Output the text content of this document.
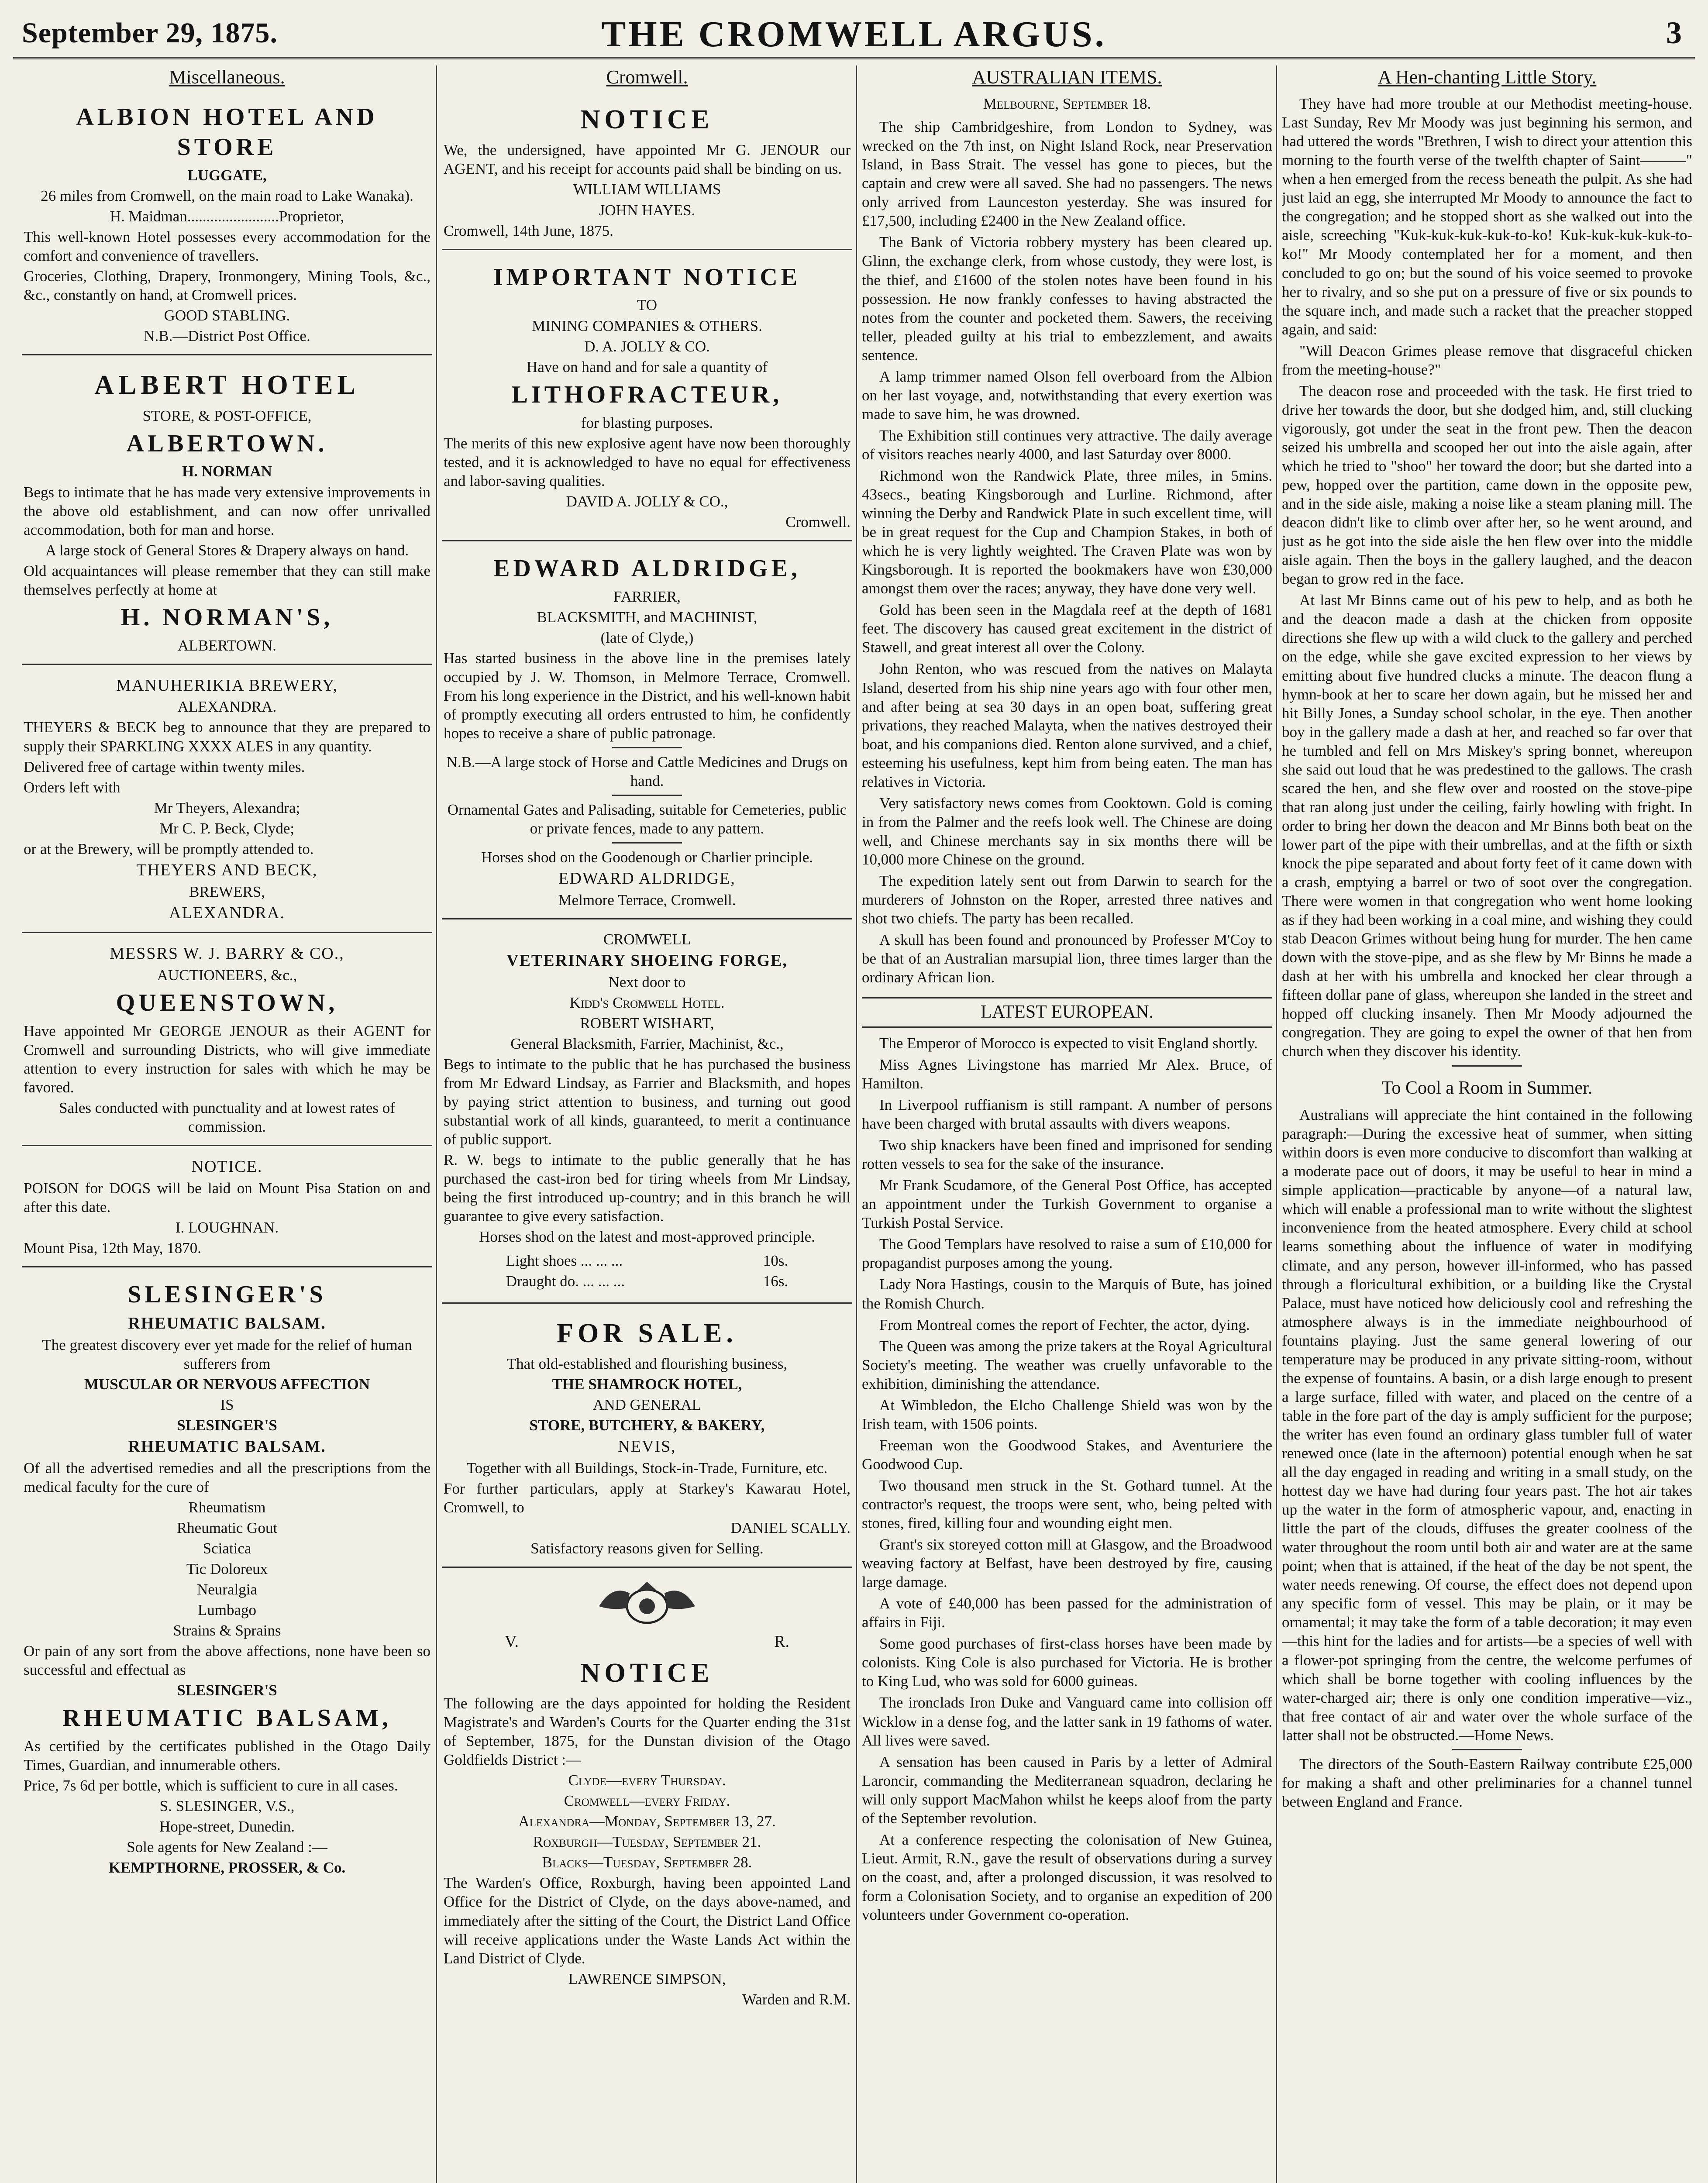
September 29, 1875.	THE CROMWELL ARGUS.	3
Miscellaneous.
ALBION HOTEL AND STORE

LUGGATE,

26 miles from Cromwell, on the main road to Lake Wanaka).

H. Maidman........................Proprietor,

This well-known Hotel possesses every accommodation for the comfort and convenience of travellers.

Groceries, Clothing, Drapery, Ironmongery, Mining Tools, &c., &c., constantly on hand, at Cromwell prices.

GOOD STABLING.

N.B.—District Post Office.

ALBERT HOTEL

STORE, & POST-OFFICE,

ALBERTOWN.

H. NORMAN

Begs to intimate that he has made very extensive improvements in the above old establishment, and can now offer unrivalled accommodation, both for man and horse.

A large stock of General Stores & Drapery always on hand.

Old acquaintances will please remember that they can still make themselves perfectly at home at

H. NORMAN'S,

ALBERTOWN.

MANUHERIKIA BREWERY,

ALEXANDRA.

THEYERS & BECK beg to announce that they are prepared to supply their SPARKLING XXXX ALES in any quantity.

Delivered free of cartage within twenty miles.

Orders left with

Mr Theyers, Alexandra;

Mr C. P. Beck, Clyde;

or at the Brewery, will be promptly attended to.

THEYERS AND BECK,

BREWERS,

ALEXANDRA.

MESSRS W. J. BARRY & CO.,

AUCTIONEERS, &c.,

QUEENSTOWN,

Have appointed Mr GEORGE JENOUR as their AGENT for Cromwell and surrounding Districts, who will give immediate attention to every instruction for sales with which he may be favored.

Sales conducted with punctuality and at lowest rates of commission.

NOTICE.

POISON for DOGS will be laid on Mount Pisa Station on and after this date.

I. LOUGHNAN.

Mount Pisa, 12th May, 1870.

SLESINGER'S

RHEUMATIC BALSAM.

The greatest discovery ever yet made for the relief of human sufferers from

MUSCULAR OR NERVOUS AFFECTION

IS

SLESINGER'S

RHEUMATIC BALSAM.

Of all the advertised remedies and all the prescriptions from the medical faculty for the cure of

Rheumatism

Rheumatic Gout

Sciatica

Tic Doloreux

Neuralgia

Lumbago

Strains & Sprains

Or pain of any sort from the above affections, none have been so successful and effectual as

SLESINGER'S

RHEUMATIC BALSAM,

As certified by the certificates published in the Otago Daily Times, Guardian, and innumerable others.

Price, 7s 6d per bottle, which is sufficient to cure in all cases.

S. SLESINGER, V.S.,

Hope-street, Dunedin.

Sole agents for New Zealand :—

KEMPTHORNE, PROSSER, & Co.

Cromwell.
NOTICE

We, the undersigned, have appointed Mr G. JENOUR our AGENT, and his receipt for accounts paid shall be binding on us.

WILLIAM WILLIAMS

JOHN HAYES.

Cromwell, 14th June, 1875.

IMPORTANT NOTICE

TO

MINING COMPANIES & OTHERS.

D. A. JOLLY & CO.

Have on hand and for sale a quantity of

LITHOFRACTEUR,

for blasting purposes.

The merits of this new explosive agent have now been thoroughly tested, and it is acknowledged to have no equal for effectiveness and labor-saving qualities.

DAVID A. JOLLY & CO.,

Cromwell.

EDWARD ALDRIDGE,

FARRIER,

BLACKSMITH, and MACHINIST,

(late of Clyde,)

Has started business in the above line in the premises lately occupied by J. W. Thomson, in Melmore Terrace, Cromwell. From his long experience in the District, and his well-known habit of promptly executing all orders entrusted to him, he confidently hopes to receive a share of public patronage.

N.B.—A large stock of Horse and Cattle Medicines and Drugs on hand.

Ornamental Gates and Palisading, suitable for Cemeteries, public or private fences, made to any pattern.

Horses shod on the Goodenough or Charlier principle.

EDWARD ALDRIDGE,

Melmore Terrace, Cromwell.

CROMWELL

VETERINARY SHOEING FORGE,

Next door to

Kidd's Cromwell Hotel.

ROBERT WISHART,

General Blacksmith, Farrier, Machinist, &c.,

Begs to intimate to the public that he has purchased the business from Mr Edward Lindsay, as Farrier and Blacksmith, and hopes by paying strict attention to business, and turning out good substantial work of all kinds, guaranteed, to merit a continuance of public support.

R. W. begs to intimate to the public generally that he has purchased the cast-iron bed for tiring wheels from Mr Lindsay, being the first introduced up-country; and in this branch he will guarantee to give every satisfaction.

Horses shod on the latest and most-approved principle.

Light shoes ... ... ...	10s.
Draught do. ... ... ...	16s.
FOR SALE.

That old-established and flourishing business,

THE SHAMROCK HOTEL,

AND GENERAL

STORE, BUTCHERY, & BAKERY,

NEVIS,

Together with all Buildings, Stock-in-Trade, Furniture, etc.

For further particulars, apply at Starkey's Kawarau Hotel, Cromwell, to

DANIEL SCALLY.

Satisfactory reasons given for Selling.

V.	R.
NOTICE

The following are the days appointed for holding the Resident Magistrate's and Warden's Courts for the Quarter ending the 31st of September, 1875, for the Dunstan division of the Otago Goldfields District :—

Clyde—every Thursday.

Cromwell—every Friday.

Alexandra—Monday, September 13, 27.

Roxburgh—Tuesday, September 21.

Blacks—Tuesday, September 28.

The Warden's Office, Roxburgh, having been appointed Land Office for the District of Clyde, on the days above-named, and immediately after the sitting of the Court, the District Land Office will receive applications under the Waste Lands Act within the Land District of Clyde.

LAWRENCE SIMPSON,

Warden and R.M.

AUSTRALIAN ITEMS.
Melbourne, September 18.

The ship Cambridgeshire, from London to Sydney, was wrecked on the 7th inst, on Night Island Rock, near Preservation Island, in Bass Strait. The vessel has gone to pieces, but the captain and crew were all saved. She had no passengers. The news only arrived from Launceston yesterday. She was insured for £17,500, including £2400 in the New Zealand office.

The Bank of Victoria robbery mystery has been cleared up. Glinn, the exchange clerk, from whose custody, they were lost, is the thief, and £1600 of the stolen notes have been found in his possession. He now frankly confesses to having abstracted the notes from the counter and pocketed them. Sawers, the receiving teller, pleaded guilty at his trial to embezzlement, and awaits sentence.

A lamp trimmer named Olson fell overboard from the Albion on her last voyage, and, notwithstanding that every exertion was made to save him, he was drowned.

The Exhibition still continues very attractive. The daily average of visitors reaches nearly 4000, and last Saturday over 8000.

Richmond won the Randwick Plate, three miles, in 5mins. 43secs., beating Kingsborough and Lurline. Richmond, after winning the Derby and Randwick Plate in such excellent time, will be in great request for the Cup and Champion Stakes, in both of which he is very lightly weighted. The Craven Plate was won by Kingsborough. It is reported the bookmakers have won £30,000 amongst them over the races; anyway, they have done very well.

Gold has been seen in the Magdala reef at the depth of 1681 feet. The discovery has caused great excitement in the district of Stawell, and great interest all over the Colony.

John Renton, who was rescued from the natives on Malayta Island, deserted from his ship nine years ago with four other men, and after being at sea 30 days in an open boat, suffering great privations, they reached Malayta, when the natives destroyed their boat, and his companions died. Renton alone survived, and a chief, esteeming his usefulness, kept him from being eaten. The man has relatives in Victoria.

Very satisfactory news comes from Cooktown. Gold is coming in from the Palmer and the reefs look well. The Chinese are doing well, and Chinese merchants say in six months there will be 10,000 more Chinese on the ground.

The expedition lately sent out from Darwin to search for the murderers of Johnston on the Roper, arrested three natives and shot two chiefs. The party has been recalled.

A skull has been found and pronounced by Professer M'Coy to be that of an Australian marsupial lion, three times larger than the ordinary African lion.

LATEST EUROPEAN.

The Emperor of Morocco is expected to visit England shortly.

Miss Agnes Livingstone has married Mr Alex. Bruce, of Hamilton.

In Liverpool ruffianism is still rampant. A number of persons have been charged with brutal assaults with divers weapons.

Two ship knackers have been fined and imprisoned for sending rotten vessels to sea for the sake of the insurance.

Mr Frank Scudamore, of the General Post Office, has accepted an appointment under the Turkish Government to organise a Turkish Postal Service.

The Good Templars have resolved to raise a sum of £10,000 for propagandist purposes among the young.

Lady Nora Hastings, cousin to the Marquis of Bute, has joined the Romish Church.

From Montreal comes the report of Fechter, the actor, dying.

The Queen was among the prize takers at the Royal Agricultural Society's meeting. The weather was cruelly unfavorable to the exhibition, diminishing the attendance.

At Wimbledon, the Elcho Challenge Shield was won by the Irish team, with 1506 points.

Freeman won the Goodwood Stakes, and Aventuriere the Goodwood Cup.

Two thousand men struck in the St. Gothard tunnel. At the contractor's request, the troops were sent, who, being pelted with stones, fired, killing four and wounding eight men.

Grant's six storeyed cotton mill at Glasgow, and the Broadwood weaving factory at Belfast, have been destroyed by fire, causing large damage.

A vote of £40,000 has been passed for the administration of affairs in Fiji.

Some good purchases of first-class horses have been made by colonists. King Cole is also purchased for Victoria. He is brother to King Lud, who was sold for 6000 guineas.

The ironclads Iron Duke and Vanguard came into collision off Wicklow in a dense fog, and the latter sank in 19 fathoms of water. All lives were saved.

A sensation has been caused in Paris by a letter of Admiral Laroncir, commanding the Mediterranean squadron, declaring he will only support MacMahon whilst he keeps aloof from the party of the September revolution.

At a conference respecting the colonisation of New Guinea, Lieut. Armit, R.N., gave the result of observations during a survey on the coast, and, after a prolonged discussion, it was resolved to form a Colonisation Society, and to organise an expedition of 200 volunteers under Government co-operation.

A Hen-chanting Little Story.

They have had more trouble at our Methodist meeting-house. Last Sunday, Rev Mr Moody was just beginning his sermon, and had uttered the words "Brethren, I wish to direct your attention this morning to the fourth verse of the twelfth chapter of Saint———" when a hen emerged from the recess beneath the pulpit. As she had just laid an egg, she interrupted Mr Moody to announce the fact to the congregation; and he stopped short as she walked out into the aisle, screeching "Kuk-kuk-kuk-kuk-to-ko! Kuk-kuk-kuk-kuk-to-ko!" Mr Moody contemplated her for a moment, and then concluded to go on; but the sound of his voice seemed to provoke her to rivalry, and so she put on a pressure of five or six pounds to the square inch, and made such a racket that the preacher stopped again, and said:

"Will Deacon Grimes please remove that disgraceful chicken from the meeting-house?"

The deacon rose and proceeded with the task. He first tried to drive her towards the door, but she dodged him, and, still clucking vigorously, got under the seat in the front pew. Then the deacon seized his umbrella and scooped her out into the aisle again, after which he tried to "shoo" her toward the door; but she darted into a pew, hopped over the partition, came down in the opposite pew, and in the side aisle, making a noise like a steam planing mill. The deacon didn't like to climb over after her, so he went around, and just as he got into the side aisle the hen flew over into the middle aisle again. Then the boys in the gallery laughed, and the deacon began to grow red in the face.

At last Mr Binns came out of his pew to help, and as both he and the deacon made a dash at the chicken from opposite directions she flew up with a wild cluck to the gallery and perched on the edge, while she gave excited expression to her views by emitting about five hundred clucks a minute. The deacon flung a hymn-book at her to scare her down again, but he missed her and hit Billy Jones, a Sunday school scholar, in the eye. Then another boy in the gallery made a dash at her, and reached so far over that he tumbled and fell on Mrs Miskey's spring bonnet, whereupon she said out loud that he was predestined to the gallows. The crash scared the hen, and she flew over and roosted on the stove-pipe that ran along just under the ceiling, fairly howling with fright. In order to bring her down the deacon and Mr Binns both beat on the lower part of the pipe with their umbrellas, and at the fifth or sixth knock the pipe separated and about forty feet of it came down with a crash, emptying a barrel or two of soot over the congregation. There were women in that congregation who went home looking as if they had been working in a coal mine, and wishing they could stab Deacon Grimes without being hung for murder. The hen came down with the stove-pipe, and as she flew by Mr Binns he made a dash at her with his umbrella and knocked her clear through a fifteen dollar pane of glass, whereupon she landed in the street and hopped off clucking insanely. Then Mr Moody adjourned the congregation. They are going to expel the owner of that hen from church when they discover his identity.

To Cool a Room in Summer.

Australians will appreciate the hint contained in the following paragraph:—During the excessive heat of summer, when sitting within doors is even more conducive to discomfort than walking at a moderate pace out of doors, it may be useful to hear in mind a simple application—practicable by anyone—of a natural law, which will enable a professional man to write without the slightest inconvenience from the heated atmosphere. Every child at school learns something about the influence of water in modifying climate, and any person, however ill-informed, who has passed through a floricultural exhibition, or a building like the Crystal Palace, must have noticed how deliciously cool and refreshing the atmosphere always is in the immediate neighbourhood of fountains playing. Just the same general lowering of our temperature may be produced in any private sitting-room, without the expense of fountains. A basin, or a dish large enough to present a large surface, filled with water, and placed on the centre of a table in the fore part of the day is amply sufficient for the purpose; the writer has even found an ordinary glass tumbler full of water renewed once (late in the afternoon) potential enough when he sat all the day engaged in reading and writing in a small study, on the hottest day we have had during four years past. The hot air takes up the water in the form of atmospheric vapour, and, enacting in little the part of the clouds, diffuses the greater coolness of the water throughout the room until both air and water are at the same point; when that is attained, if the heat of the day be not spent, the water needs renewing. Of course, the effect does not depend upon any specific form of vessel. This may be plain, or it may be ornamental; it may take the form of a table decoration; it may even—this hint for the ladies and for artists—be a species of well with a flower-pot springing from the centre, the welcome perfumes of which shall be borne together with cooling influences by the water-charged air; there is only one condition imperative—viz., that free contact of air and water over the whole surface of the latter shall not be obstructed.—Home News.

The directors of the South-Eastern Railway contribute £25,000 for making a shaft and other preliminaries for a channel tunnel between England and France.
